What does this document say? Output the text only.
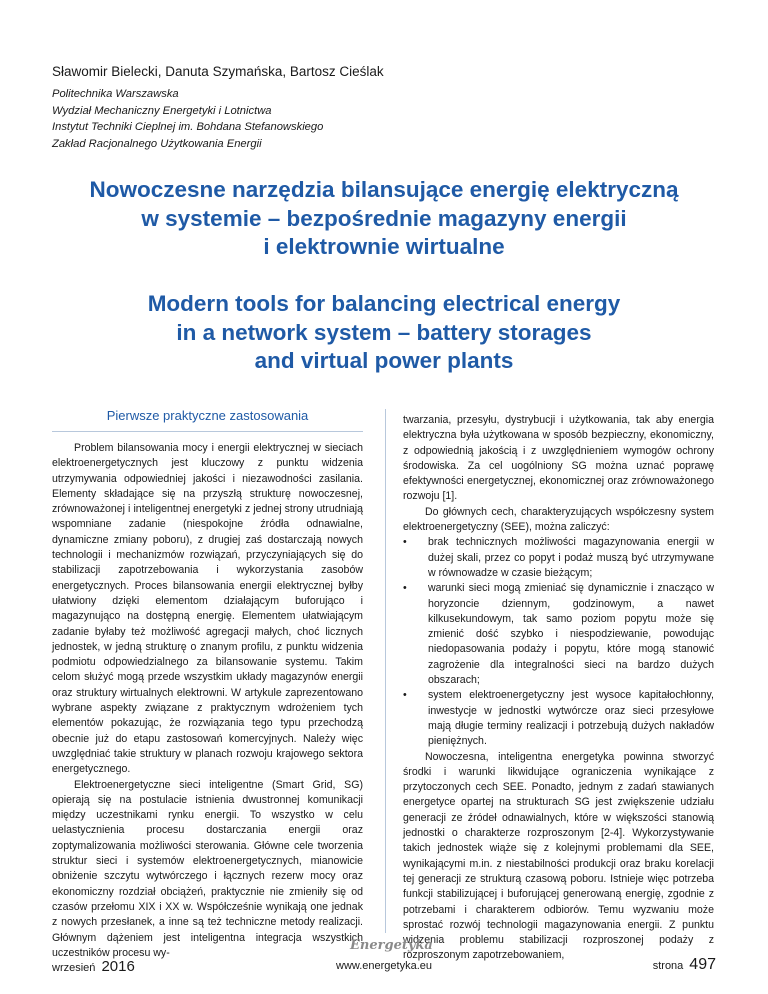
Sławomir Bielecki, Danuta Szymańska, Bartosz Cieślak
Politechnika Warszawska
Wydział Mechaniczny Energetyki i Lotnictwa
Instytut Techniki Cieplnej im. Bohdana Stefanowskiego
Zakład Racjonalnego Użytkowania Energii
Nowoczesne narzędzia bilansujące energię elektryczną
w systemie – bezpośrednie magazyny energii
i elektrownie wirtualne
Modern tools for balancing electrical energy
in a network system – battery storages
and virtual power plants
Pierwsze praktyczne zastosowania

Problem bilansowania mocy i energii elektrycznej w sieciach elektroenergetycznych jest kluczowy z punktu widzenia utrzymywania odpowiedniej jakości i niezawodności zasilania. Elementy składające się na przyszłą strukturę nowoczesnej, zrównoważonej i inteligentnej energetyki z jednej strony utrudniają wspomniane zadanie (niespokojne źródła odnawialne, dynamiczne zmiany poboru), z drugiej zaś dostarczają nowych technologii i mechanizmów rozwiązań, przyczyniających się do stabilizacji zapotrzebowania i wykorzystania zasobów energetycznych. Proces bilansowania energii elektrycznej byłby ułatwiony dzięki elementom działającym buforująco i magazynująco na dostępną energię. Elementem ułatwiającym zadanie byłaby też możliwość agregacji małych, choć licznych jednostek, w jedną strukturę o znanym profilu, z punktu widzenia podmiotu odpowiedzialnego za bilansowanie systemu. Takim celom służyć mogą przede wszystkim układy magazynów energii oraz struktury wirtualnych elektrowni. W artykule zaprezentowano wybrane aspekty związane z praktycznym wdrożeniem tych elementów pokazując, że rozwiązania tego typu przechodzą obecnie już do etapu zastosowań komercyjnych. Należy więc uwzględniać takie struktury w planach rozwoju krajowego sektora energetycznego.

Elektroenergetyczne sieci inteligentne (Smart Grid, SG) opierają się na postulacie istnienia dwustronnej komunikacji między uczestnikami rynku energii. To wszystko w celu uelastycznienia procesu dostarczania energii oraz zoptymalizowania możliwości sterowania. Główne cele tworzenia struktur sieci i systemów elektroenergetycznych, mianowicie obniżenie szczytu wytwórczego i łącznych rezerw mocy oraz ekonomiczny rozdział obciążeń, praktycznie nie zmieniły się od czasów przełomu XIX i XX w. Współcześnie wynikają one jednak z nowych przesłanek, a inne są też techniczne metody realizacji. Głównym dążeniem jest inteligentna integracja wszystkich uczestników procesu wy-

twarzania, przesyłu, dystrybucji i użytkowania, tak aby energia elektryczna była użytkowana w sposób bezpieczny, ekonomiczny, z odpowiednią jakością i z uwzględnieniem wymogów ochrony środowiska. Za cel uogólniony SG można uznać poprawę efektywności energetycznej, ekonomicznej oraz zrównoważonego rozwoju [1].

Do głównych cech, charakteryzujących współczesny system elektroenergetyczny (SEE), można zaliczyć:

• brak technicznych możliwości magazynowania energii w dużej skali, przez co popyt i podaż muszą być utrzymywane w równowadze w czasie bieżącym;
• warunki sieci mogą zmieniać się dynamicznie i znacząco w horyzoncie dziennym, godzinowym, a nawet kilkusekundowym, tak samo poziom popytu może się zmienić dość szybko i niespodziewanie, powodując niedopasowania podaży i popytu, które mogą stanowić zagrożenie dla integralności sieci na bardzo dużych obszarach;
• system elektroenergetyczny jest wysoce kapitałochłonny, inwestycje w jednostki wytwórcze oraz sieci przesyłowe mają długie terminy realizacji i potrzebują dużych nakładów pieniężnych.

Nowoczesna, inteligentna energetyka powinna stworzyć środki i warunki likwidujące ograniczenia wynikające z przytoczonych cech SEE. Ponadto, jednym z zadań stawianych energetyce opartej na strukturach SG jest zwiększenie udziału generacji ze źródeł odnawialnych, które w większości stanowią jednostki o charakterze rozproszonym [2-4]. Wykorzystywanie takich jednostek wiąże się z kolejnymi problemami dla SEE, wynikającymi m.in. z niestabilności produkcji oraz braku korelacji tej generacji ze strukturą czasową poboru. Istnieje więc potrzeba funkcji stabilizującej i buforującej generowaną energię, zgodnie z potrzebami i charakterem odbiorów. Temu wyzwaniu może sprostać rozwój technologii magazynowania energii. Z punktu widzenia problemu stabilizacji rozproszonej podaży z rozproszonym zapotrzebowaniem,

wrzesień 2016
Energetyka
www.energetyka.eu	strona 497
